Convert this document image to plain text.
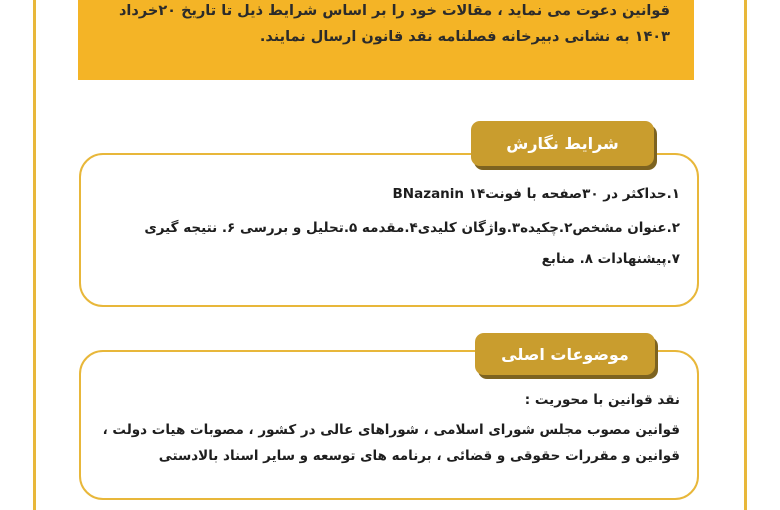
قوانین دعوت می نماید ، مقالات خود را بر اساس شرایط ذیل تا تاریخ ۲۰خرداد
۱۴۰۳ به نشانی دبیرخانه فصلنامه نقد قانون ارسال نمایند.
شرایط نگارش
۱.حداکثر در ۳۰صفحه با فونت۱۴ BNazanin
۲.عنوان مشخص۲.چکیده۳.واژگان کلیدی۴.مقدمه ۵.تحلیل و بررسی ۶. نتیجه گیری
۷.پیشنهادات ۸. منابع
موضوعات اصلی
نقد قوانین با محوریت :
قوانین مصوب مجلس شورای اسلامی ، شوراهای عالی در کشور ، مصوبات هیات دولت ،
قوانین و مقررات حقوقی و قضائی ، برنامه های توسعه و سایر اسناد بالادستی
